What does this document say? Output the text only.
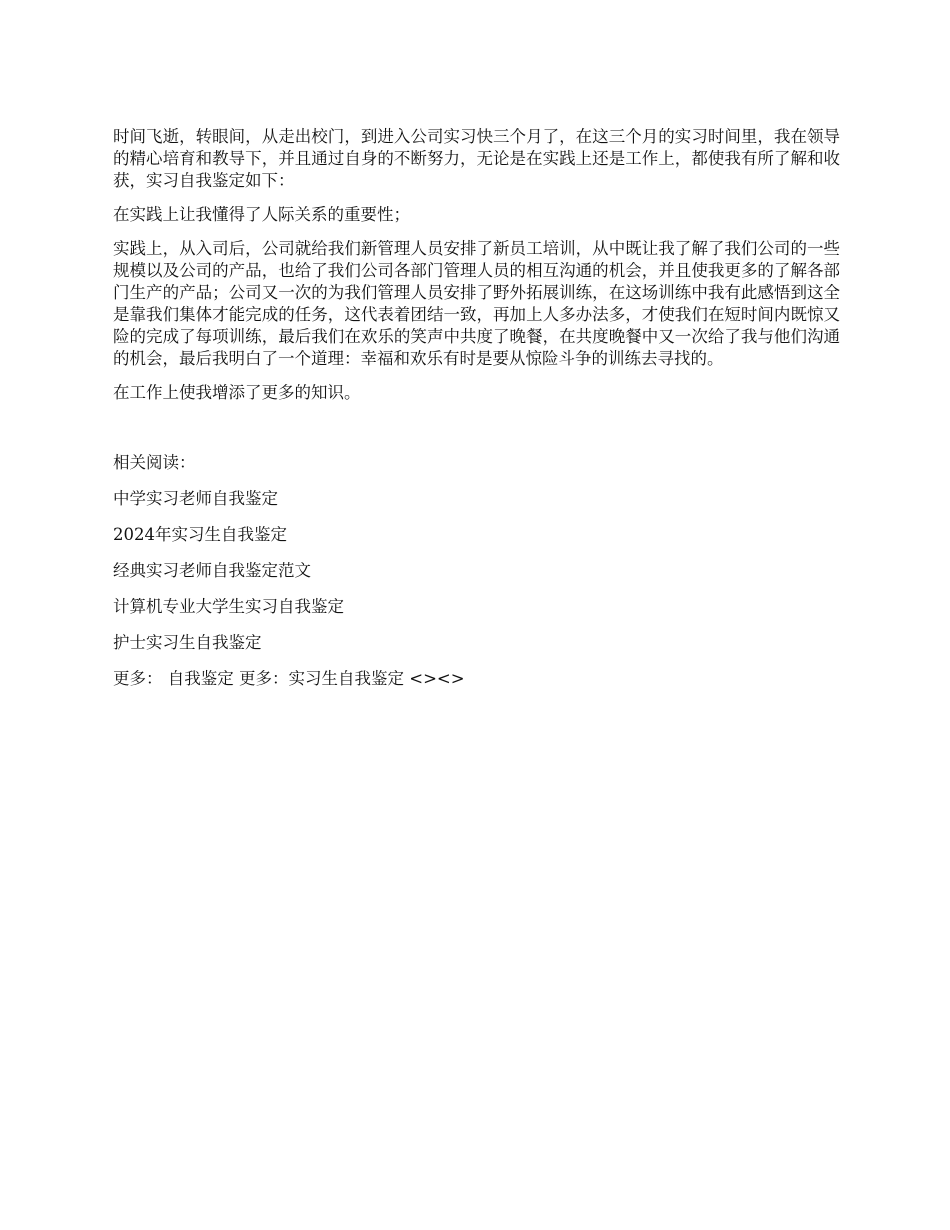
时间飞逝，转眼间，从走出校门，到进入公司实习快三个月了，在这三个月的实习时间里，我在领导的精心培育和教导下，并且通过自身的不断努力，无论是在实践上还是工作上，都使我有所了解和收获，实习自我鉴定如下：

在实践上让我懂得了人际关系的重要性；

实践上，从入司后，公司就给我们新管理人员安排了新员工培训，从中既让我了解了我们公司的一些规模以及公司的产品，也给了我们公司各部门管理人员的相互沟通的机会，并且使我更多的了解各部门生产的产品；公司又一次的为我们管理人员安排了野外拓展训练，在这场训练中我有此感悟到这全是靠我们集体才能完成的任务，这代表着团结一致，再加上人多办法多，才使我们在短时间内既惊又险的完成了每项训练，最后我们在欢乐的笑声中共度了晚餐，在共度晚餐中又一次给了我与他们沟通的机会，最后我明白了一个道理：幸福和欢乐有时是要从惊险斗争的训练去寻找的。

在工作上使我增添了更多的知识。

相关阅读：

中学实习老师自我鉴定
2024年实习生自我鉴定
经典实习老师自我鉴定范文
计算机专业大学生实习自我鉴定
护士实习生自我鉴定

更多： 自我鉴定 更多：实习生自我鉴定 <><>
